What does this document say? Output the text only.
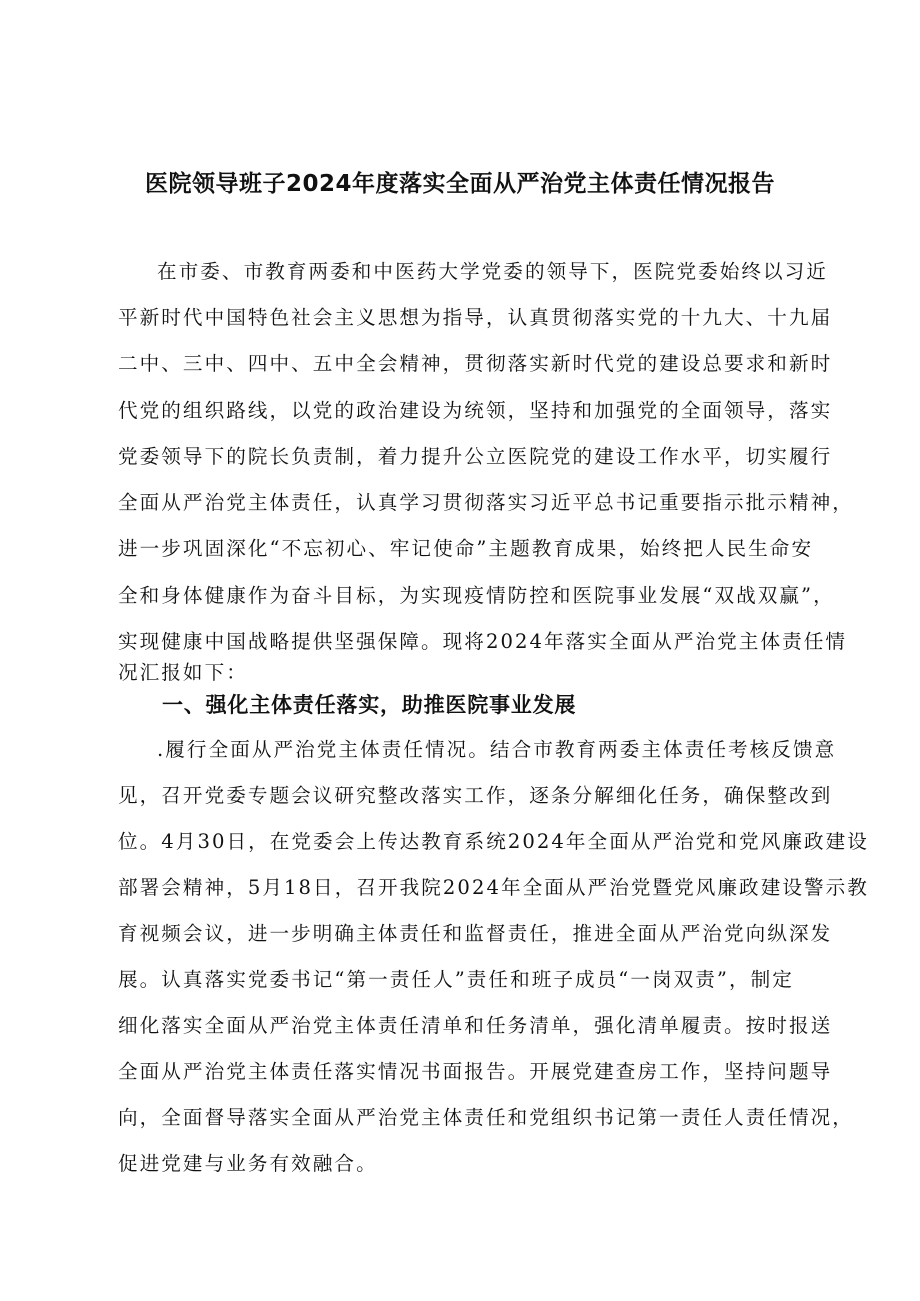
医院领导班子2024年度落实全面从严治党主体责任情况报告
在市委、市教育两委和中医药大学党委的领导下，医院党委始终以习近
平新时代中国特色社会主义思想为指导，认真贯彻落实党的十九大、十九届
二中、三中、四中、五中全会精神，贯彻落实新时代党的建设总要求和新时
代党的组织路线，以党的政治建设为统领，坚持和加强党的全面领导，落实
党委领导下的院长负责制，着力提升公立医院党的建设工作水平，切实履行
全面从严治党主体责任，认真学习贯彻落实习近平总书记重要指示批示精神，
进一步巩固深化“不忘初心、牢记使命”主题教育成果，始终把人民生命安
全和身体健康作为奋斗目标，为实现疫情防控和医院事业发展“双战双赢”，
实现健康中国战略提供坚强保障。现将2024年落实全面从严治党主体责任情
况汇报如下：
一、强化主体责任落实，助推医院事业发展
.履行全面从严治党主体责任情况。结合市教育两委主体责任考核反馈意
见，召开党委专题会议研究整改落实工作，逐条分解细化任务，确保整改到
位。4月30日，在党委会上传达教育系统2024年全面从严治党和党风廉政建设
部署会精神，5月18日，召开我院2024年全面从严治党暨党风廉政建设警示教
育视频会议，进一步明确主体责任和监督责任，推进全面从严治党向纵深发
展。认真落实党委书记“第一责任人”责任和班子成员“一岗双责”，制定
细化落实全面从严治党主体责任清单和任务清单，强化清单履责。按时报送
全面从严治党主体责任落实情况书面报告。开展党建查房工作，坚持问题导
向，全面督导落实全面从严治党主体责任和党组织书记第一责任人责任情况，
促进党建与业务有效融合。
